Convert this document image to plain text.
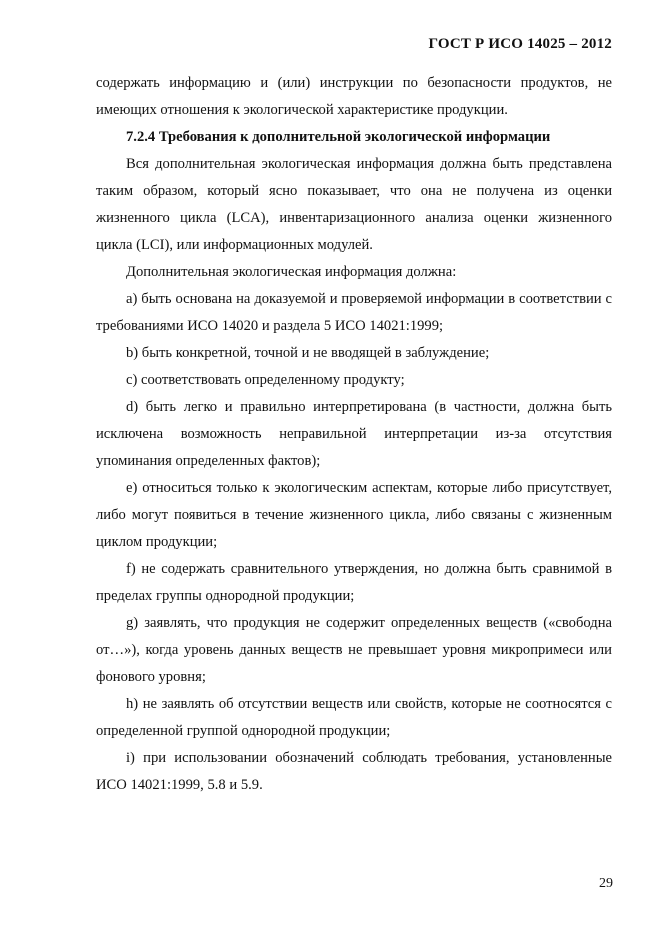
ГОСТ Р ИСО 14025 – 2012

содержать информацию и (или) инструкции по безопасности продуктов, не имеющих отношения к экологической характеристике продукции.

7.2.4 Требования к дополнительной экологической информации

Вся дополнительная экологическая информация должна быть представлена таким образом, который ясно показывает, что она не получена из оценки жизненного цикла (LCA), инвентаризационного анализа оценки жизненного цикла (LCI), или информационных модулей.

Дополнительная экологическая информация должна:

a) быть основана на доказуемой и проверяемой информации в соответствии с требованиями ИСО 14020 и раздела 5 ИСО 14021:1999;

b) быть конкретной, точной и не вводящей в заблуждение;

c) соответствовать определенному продукту;

d) быть легко и правильно интерпретирована (в частности, должна быть исключена возможность неправильной интерпретации из-за отсутствия упоминания определенных фактов);

e) относиться только к экологическим аспектам, которые либо присутствует, либо могут появиться в течение жизненного цикла, либо связаны с жизненным циклом продукции;

f) не содержать сравнительного утверждения, но должна быть сравнимой в пределах группы однородной продукции;

g) заявлять, что продукция не содержит определенных веществ («свободна от…»), когда уровень данных веществ не превышает уровня микропримеси или фонового уровня;

h) не заявлять об отсутствии веществ или свойств, которые не соотносятся с определенной группой однородной продукции;

i) при использовании обозначений соблюдать требования, установленные ИСО 14021:1999, 5.8 и 5.9.

29
